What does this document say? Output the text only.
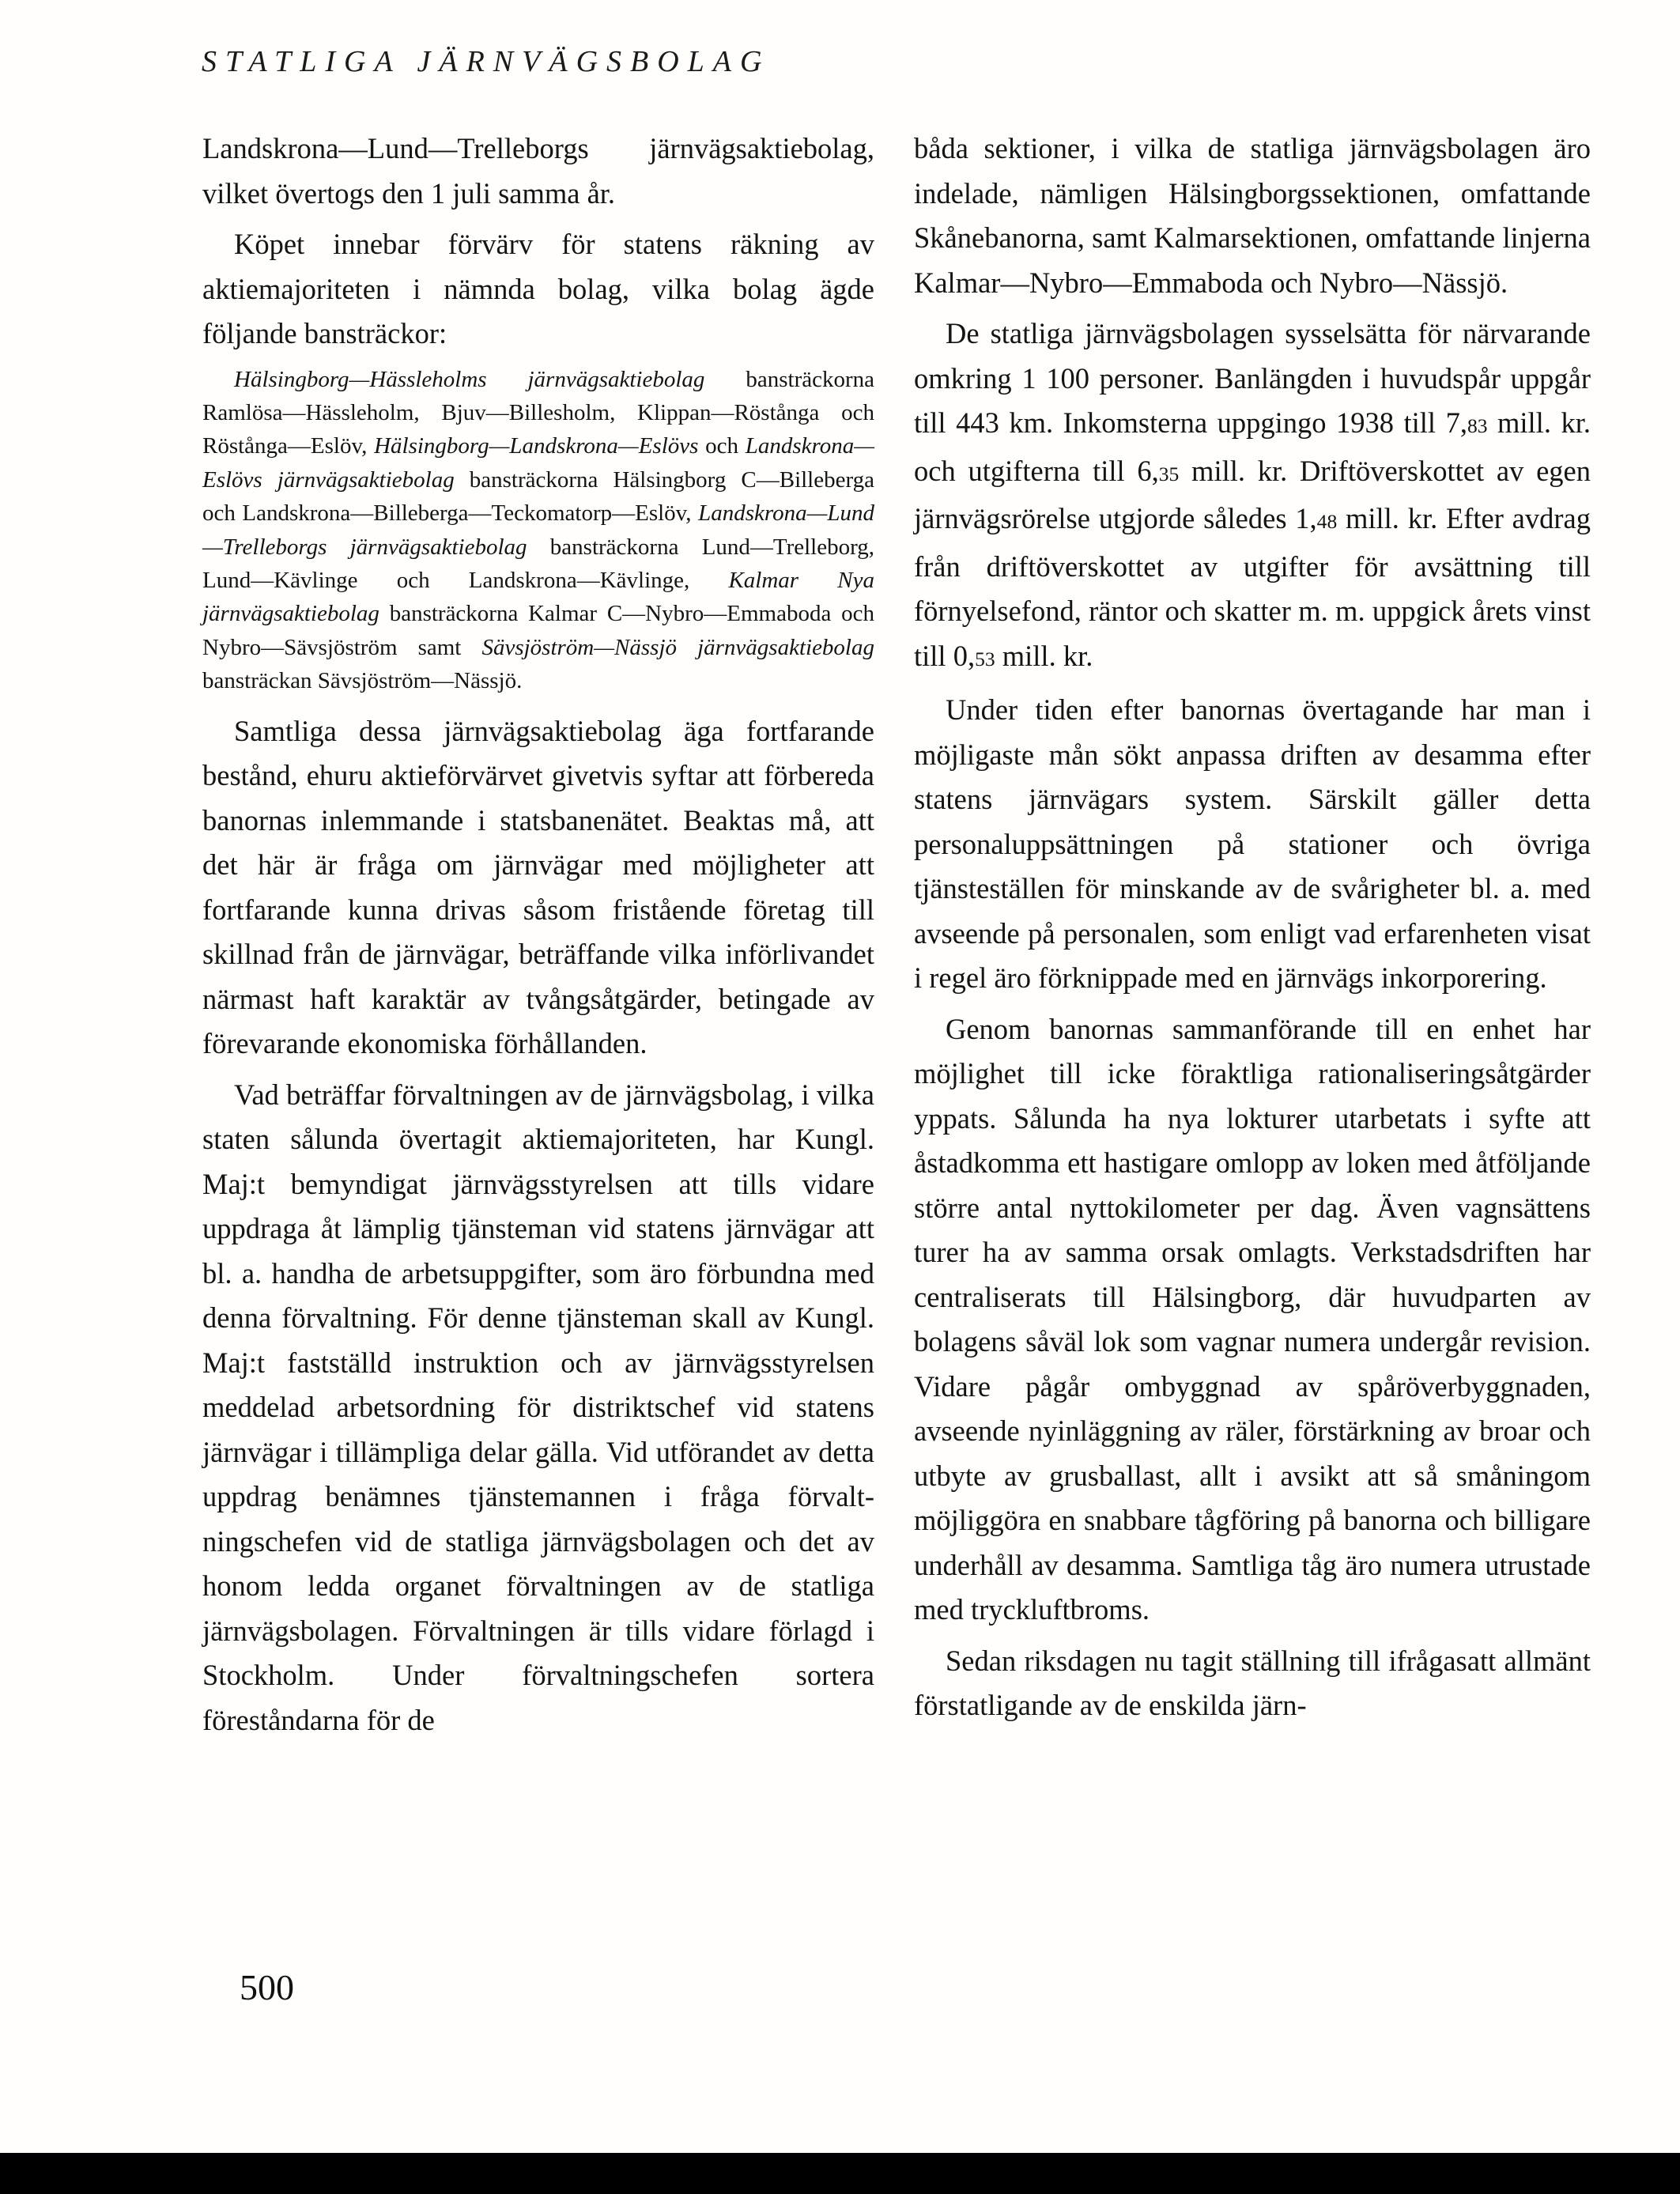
STATLIGA JÄRNVÄGSBOLAG

Landskrona—Lund—Trelleborgs järnvägsaktiebolag, vilket övertogs den 1 juli samma år.

Köpet innebar förvärv för statens räkning av aktiemajoriteten i nämnda bolag, vilka bolag ägde följande bansträckor:

Hälsingborg—Hässleholms järnvägsaktiebolag bansträckorna Ramlösa—Hässleholm, Bjuv—Billesholm, Klippan—Röstånga och Röstånga—Eslöv, Hälsingborg—Landskrona—Eslövs och Landskrona—Eslövs järnvägsaktiebolag bansträckorna Hälsingborg C—Billeberga och Landskrona—Billeberga—Teckomatorp—Eslöv, Landskrona—Lund—Trelleborgs järnvägsaktiebolag bansträckorna Lund—Trelleborg, Lund—Kävlinge och Landskrona—Kävlinge, Kalmar Nya järnvägsaktiebolag bansträckorna Kalmar C—Nybro—Emmaboda och Nybro—Sävsjöström samt Sävsjöström—Nässjö järnvägsaktiebolag bansträckan Sävsjöström—Nässjö.

Samtliga dessa järnvägsaktiebolag äga fortfarande bestånd, ehuru aktieförvärvet givetvis syftar att förbereda banornas inlemmande i statsbanenätet. Beaktas må, att det här är fråga om järnvägar med möjligheter att fortfarande kunna drivas såsom fristående företag till skillnad från de järnvägar, beträffande vilka införlivandet närmast haft karaktär av tvångsåtgärder, betingade av förevarande ekonomiska förhållanden.

Vad beträffar förvaltningen av de järnvägsbolag, i vilka staten sålunda övertagit aktiemajoriteten, har Kungl. Maj:t bemyndigat järnvägsstyrelsen att tills vidare uppdraga åt lämplig tjänsteman vid statens järnvägar att bl. a. handha de arbetsuppgifter, som äro förbundna med denna förvaltning. För denne tjänsteman skall av Kungl. Maj:t fastställd instruktion och av järnvägsstyrelsen meddelad arbetsordning för distriktschef vid statens järnvägar i tillämpliga delar gälla. Vid utförandet av detta uppdrag benämnes tjänstemannen i fråga förvaltningschefen vid de statliga järnvägsbolagen och det av honom ledda organet förvaltningen av de statliga järnvägsbolagen. Förvaltningen är tills vidare förlagd i Stockholm. Under förvaltningschefen sortera föreståndarna för de

båda sektioner, i vilka de statliga järnvägsbolagen äro indelade, nämligen Hälsingborgssektionen, omfattande Skånebanorna, samt Kalmarsektionen, omfattande linjerna Kalmar—Nybro—Emmaboda och Nybro—Nässjö.

De statliga järnvägsbolagen sysselsätta för närvarande omkring 1 100 personer. Banlängden i huvudspår uppgår till 443 km. Inkomsterna uppgingo 1938 till 7,83 mill. kr. och utgifterna till 6,35 mill. kr. Driftöverskottet av egen järnvägsrörelse utgjorde således 1,48 mill. kr. Efter avdrag från driftöverskottet av utgifter för avsättning till förnyelsefond, räntor och skatter m. m. uppgick årets vinst till 0,53 mill. kr.

Under tiden efter banornas övertagande har man i möjligaste mån sökt anpassa driften av desamma efter statens järnvägars system. Särskilt gäller detta personaluppsättningen på stationer och övriga tjänsteställen för minskande av de svårigheter bl. a. med avseende på personalen, som enligt vad erfarenheten visat i regel äro förknippade med en järnvägs inkorporering.

Genom banornas sammanförande till en enhet har möjlighet till icke föraktliga rationaliseringsåtgärder yppats. Sålunda ha nya lokturer utarbetats i syfte att åstadkomma ett hastigare omlopp av loken med åtföljande större antal nyttokilometer per dag. Även vagnsättens turer ha av samma orsak omlagts. Verkstadsdriften har centraliserats till Hälsingborg, där huvudparten av bolagens såväl lok som vagnar numera undergår revision. Vidare pågår ombyggnad av spåröverbyggnaden, avseende nyinläggning av räler, förstärkning av broar och utbyte av grusballast, allt i avsikt att så småningom möjliggöra en snabbare tågföring på banorna och billigare underhåll av desamma. Samtliga tåg äro numera utrustade med tryckluftbroms.

Sedan riksdagen nu tagit ställning till ifrågasatt allmänt förstatligande av de enskilda järn-

500
